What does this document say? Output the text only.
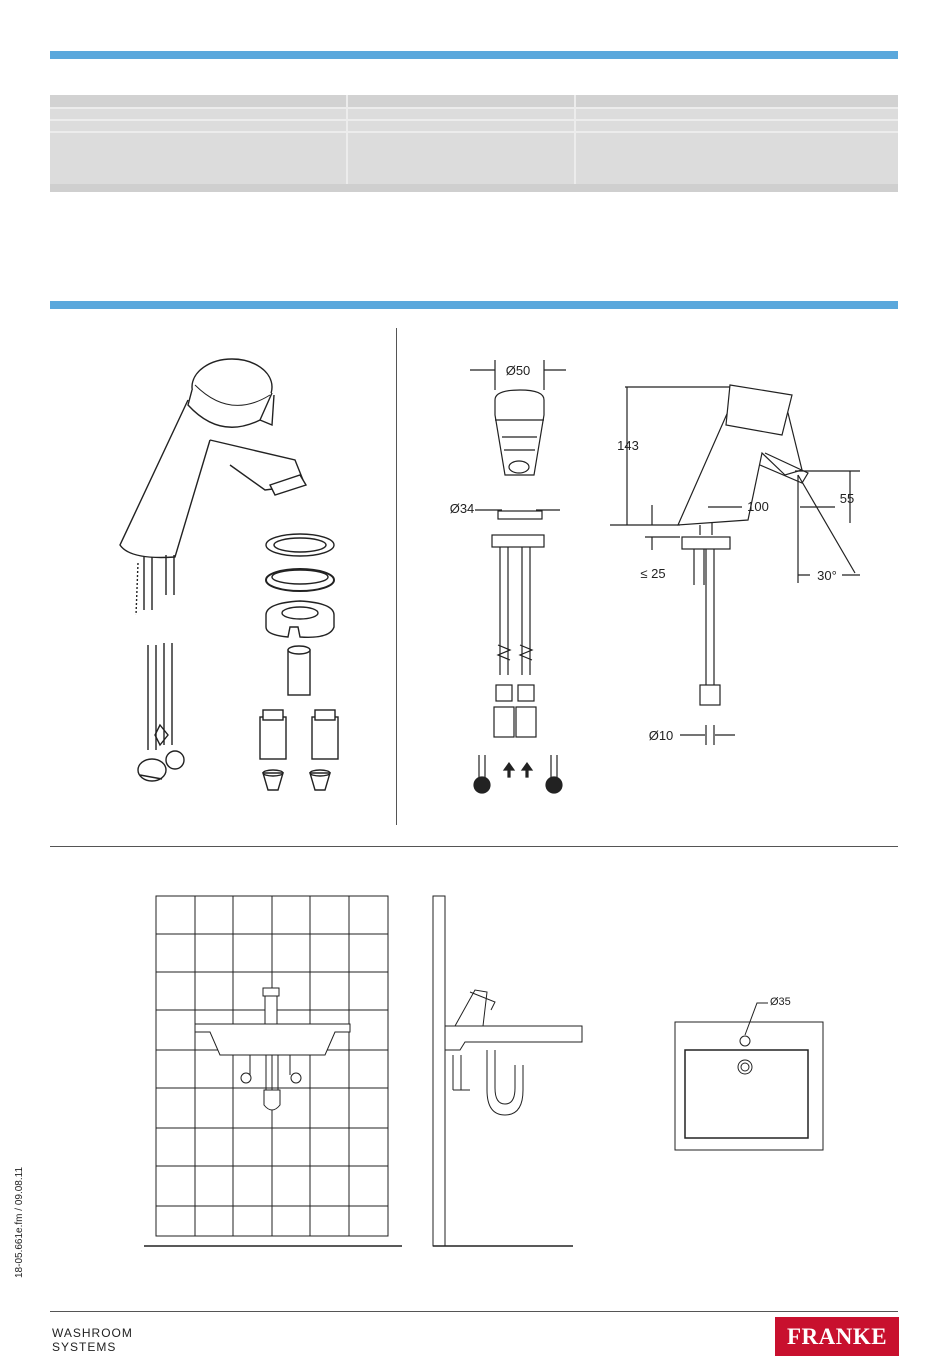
Ø50
Ø34
143
100
55
≤ 25	30°
Ø10
Ø35
18-05.661e.fm / 09.08.11
WASHROOM
SYSTEMS	FRANKE
